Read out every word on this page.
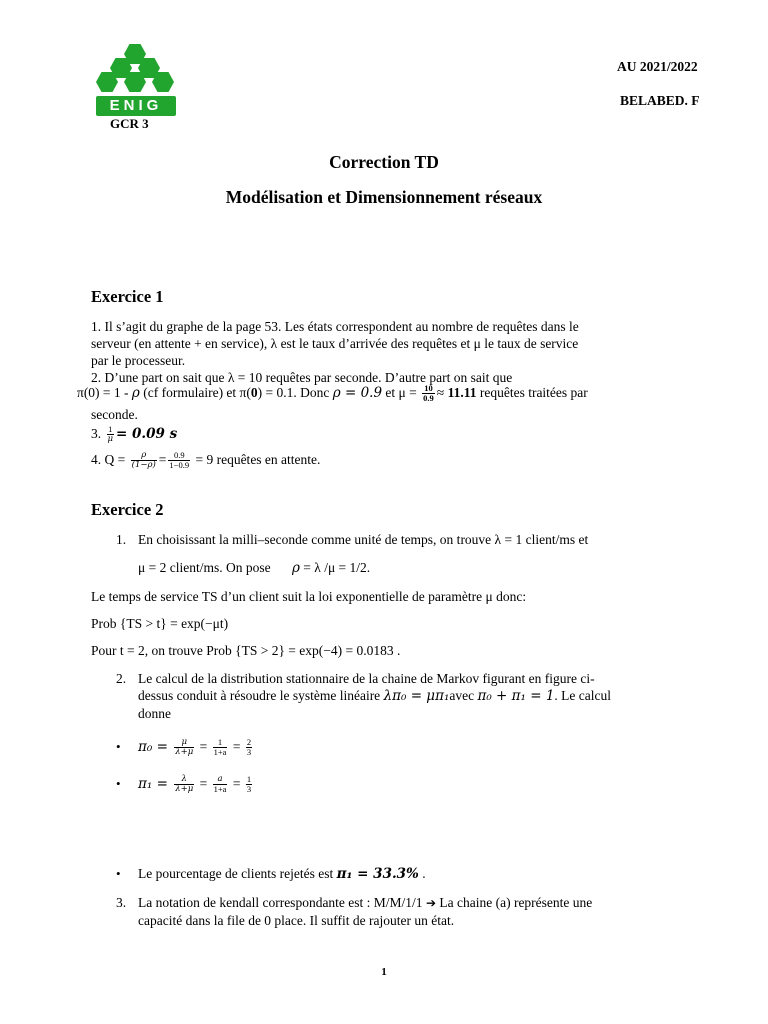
ENIG
GCR 3
AU 2021/2022
BELABED. F
Correction TD
Modélisation et Dimensionnement réseaux
Exercice 1
1. Il s’agit du graphe de la page 53. Les états correspondent au nombre de requêtes dans le
serveur (en attente + en service), λ est le taux d’arrivée des requêtes et μ le taux de service
par le processeur.
2. D’une part on sait que λ = 10 requêtes par seconde. D’autre part on sait que
π(0) = 1 - ρ (cf formulaire) et π(0) = 0.1. Donc ρ = 0.9 et $\mu = \frac{10}{0.9} \approx 11.11$ requêtes traitées par
seconde.
3. $\frac{1}{\mu} = 0.09$ s
4. $Q = \frac{\rho}{(1-\rho)} = \frac{0.9}{1-0.9} = 9$ requêtes en attente.
Exercice 2
1. En choisissant la milli–seconde comme unité de temps, on trouve λ = 1 client/ms et
μ = 2 client/ms. On pose ρ = λ /μ = 1/2.
Le temps de service TS d’un client suit la loi exponentielle de paramètre μ donc:
Prob {TS > t} = exp(−μt)
Pour t = 2, on trouve Prob {TS > 2} = exp(−4) = 0.0183 .
2. Le calcul de la distribution stationnaire de la chaine de Markov figurant en figure ci-
dessus conduit à résoudre le système linéaire λπ₀ = μπ₁avec π₀ + π₁ = 1. Le calcul
donne
• $\pi_0 = \frac{\mu}{\lambda+\mu} = \frac{1}{1+a} = \frac{2}{3}$
• $\pi_1 = \frac{\lambda}{\lambda+\mu} = \frac{a}{1+a} = \frac{1}{3}$
• Le pourcentage de clients rejetés est π₁ = 33.3% .
3. La notation de kendall correspondante est : M/M/1/1 ➔ La chaine (a) représente une
capacité dans la file de 0 place. Il suffit de rajouter un état.
1
